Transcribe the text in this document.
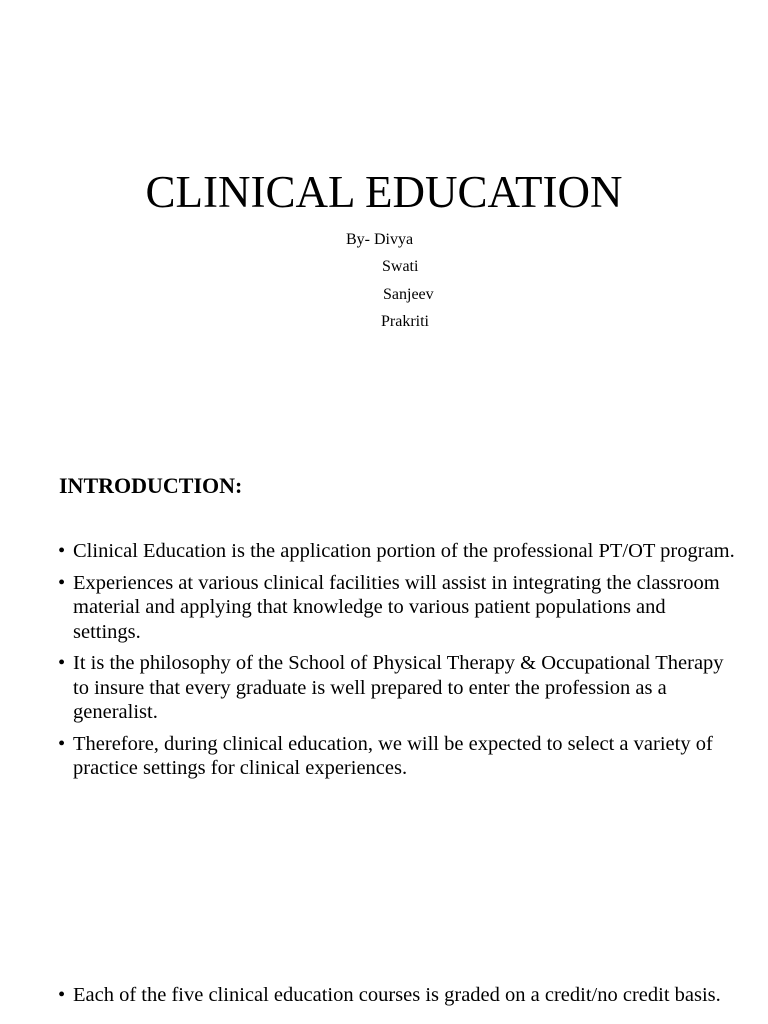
CLINICAL EDUCATION
By- Divya
Swati
Sanjeev
Prakriti
INTRODUCTION:
• Clinical Education is the application portion of the professional PT/OT program.
• Experiences at various clinical facilities will assist in integrating the classroom material and applying that knowledge to various patient populations and settings.
• It is the philosophy of the School of Physical Therapy & Occupational Therapy to insure that every graduate is well prepared to enter the profession as a generalist.
• Therefore, during clinical education, we will be expected to select a variety of practice settings for clinical experiences.
• Each of the five clinical education courses is graded on a credit/no credit basis.
